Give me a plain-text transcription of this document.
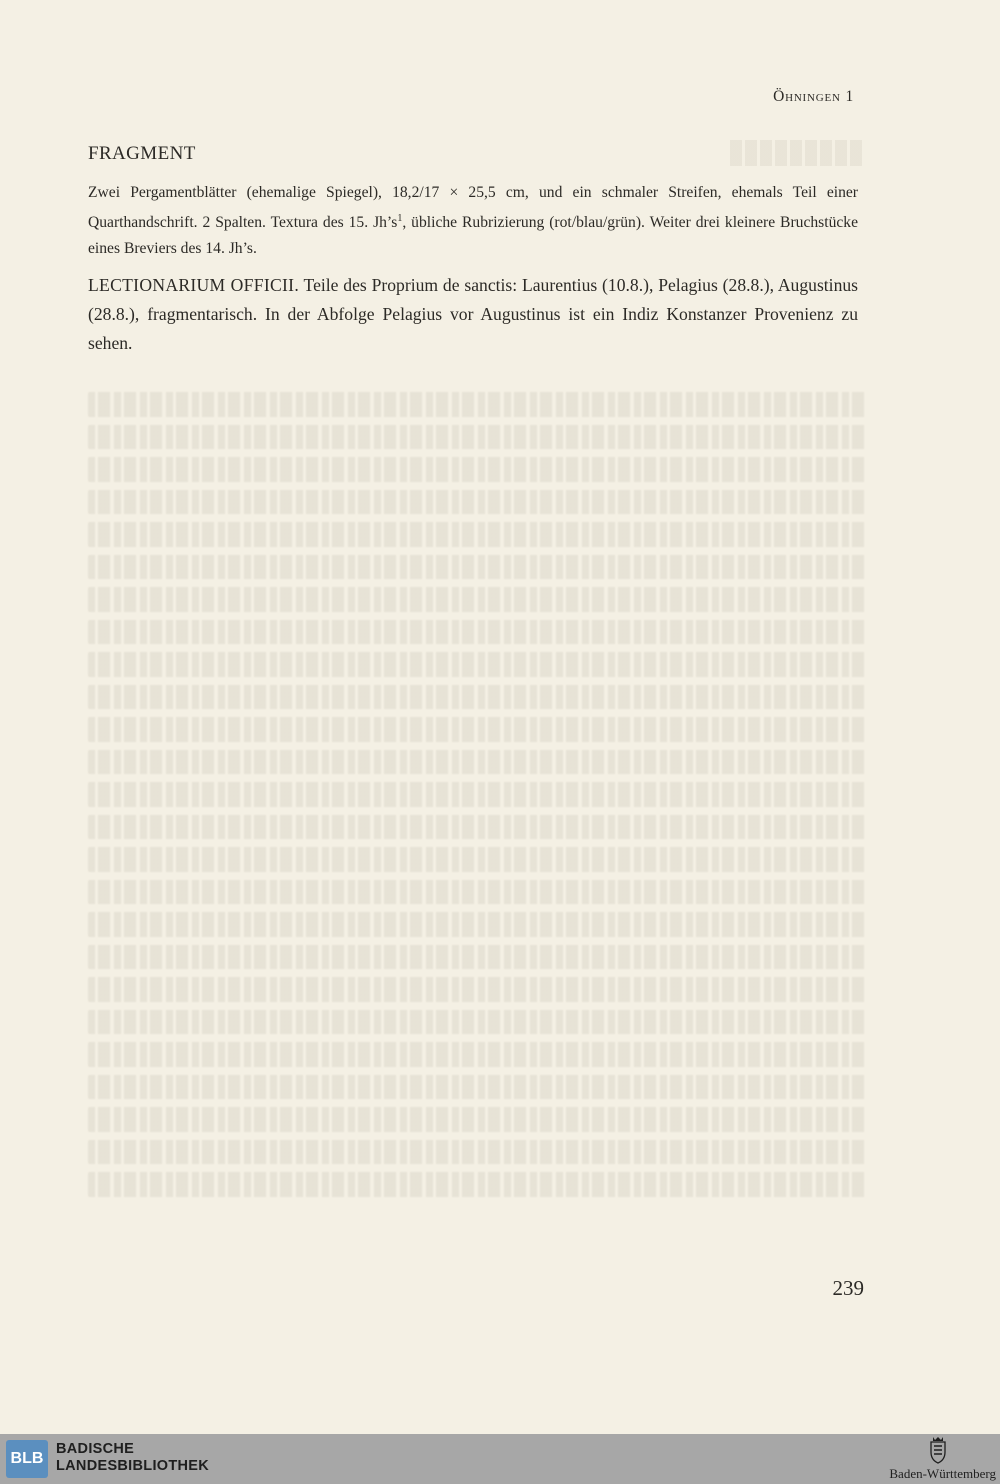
Öhningen 1
FRAGMENT

Zwei Pergamentblätter (ehemalige Spiegel), 18,2/17 × 25,5 cm, und ein schmaler Streifen, ehemals Teil einer Quarthandschrift. 2 Spalten. Textura des 15. $Jh’s^1$, übliche Rubrizierung (rot/blau/grün). Weiter drei kleinere Bruchstücke eines Breviers des 14. Jh’s.

LECTIONARIUM OFFICII. Teile des Proprium de sanctis: Laurentius (10.8.), Pelagius (28.8.), Augustinus (28.8.), fragmentarisch. In der Abfolge Pelagius vor Augustinus ist ein Indiz Konstanzer Provenienz zu sehen.

239
BLB
BADISCHE
LANDESBIBLIOTHEK	Baden-Württemberg
